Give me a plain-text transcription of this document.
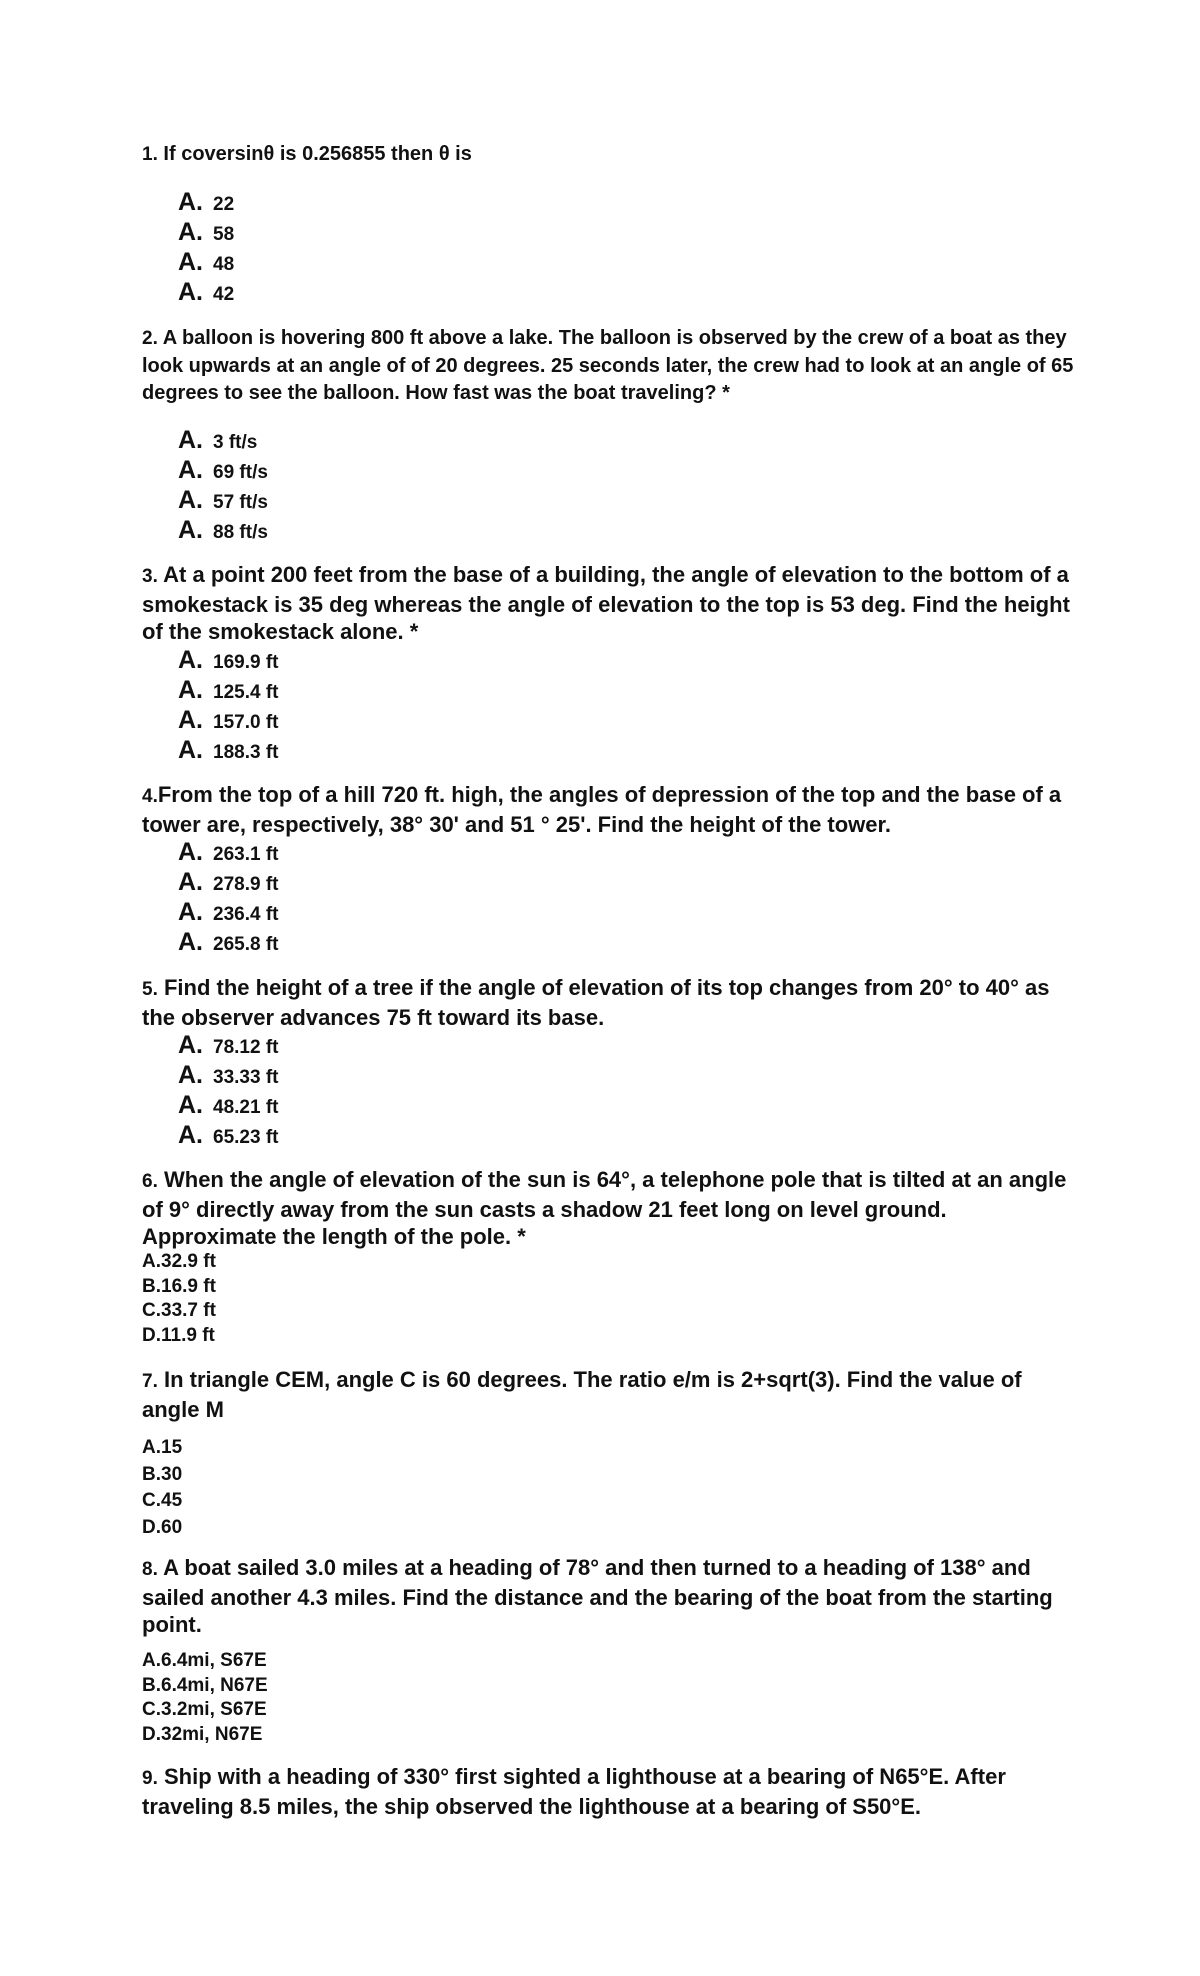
1. If coversinθ is 0.256855 then θ is

A. 22
A. 58
A. 48
A. 42

2. A balloon is hovering 800 ft above a lake. The balloon is observed by the crew of a boat as they look upwards at an angle of of 20 degrees. 25 seconds later, the crew had to look at an angle of 65 degrees to see the balloon. How fast was the boat traveling? *

A. 3 ft/s
A. 69 ft/s
A. 57 ft/s
A. 88 ft/s

3. At a point 200 feet from the base of a building, the angle of elevation to the bottom of a smokestack is 35 deg whereas the angle of elevation to the top is 53 deg. Find the height of the smokestack alone. *

A. 169.9 ft
A. 125.4 ft
A. 157.0 ft
A. 188.3 ft

4.From the top of a hill 720 ft. high, the angles of depression of the top and the base of a tower are, respectively, 38° 30' and 51 ° 25'. Find the height of the tower.

A. 263.1 ft
A. 278.9 ft
A. 236.4 ft
A. 265.8 ft

5. Find the height of a tree if the angle of elevation of its top changes from 20° to 40° as the observer advances 75 ft toward its base.

A. 78.12 ft
A. 33.33 ft
A. 48.21 ft
A. 65.23 ft

6. When the angle of elevation of the sun is 64°, a telephone pole that is tilted at an angle of 9° directly away from the sun casts a shadow 21 feet long on level ground. Approximate the length of the pole. *

A.32.9 ft
B.16.9 ft
C.33.7 ft
D.11.9 ft

7. In triangle CEM, angle C is 60 degrees. The ratio e/m is 2+sqrt(3). Find the value of angle M

A.15
B.30
C.45
D.60

8. A boat sailed 3.0 miles at a heading of 78° and then turned to a heading of 138° and sailed another 4.3 miles. Find the distance and the bearing of the boat from the starting point.

A.6.4mi, S67E
B.6.4mi, N67E
C.3.2mi, S67E
D.32mi, N67E

9. Ship with a heading of 330° first sighted a lighthouse at a bearing of N65°E. After traveling 8.5 miles, the ship observed the lighthouse at a bearing of S50°E.
